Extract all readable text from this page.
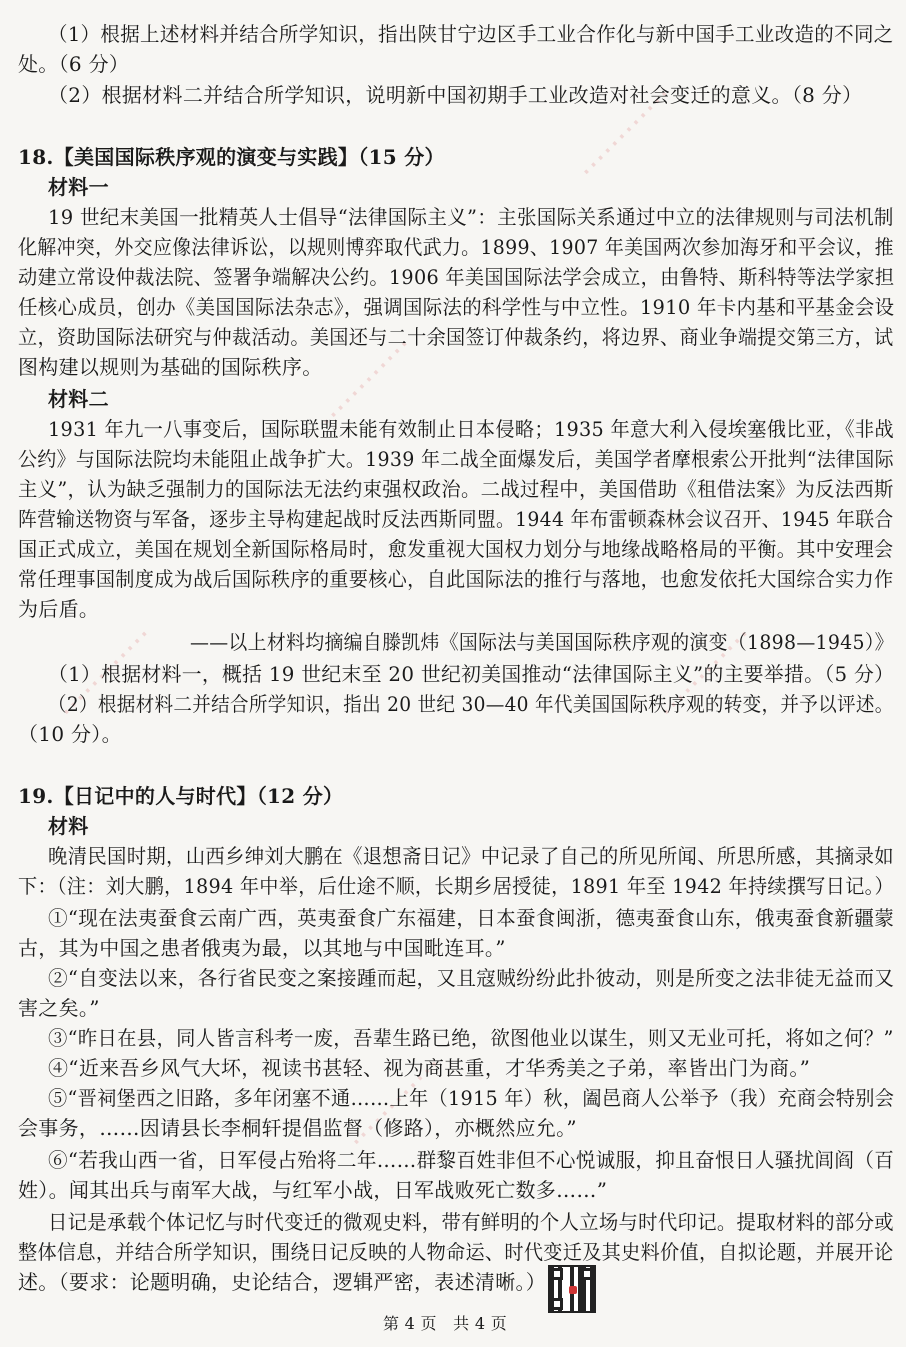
…………
…………
…………	…………
…………
（1）根据上述材料并结合所学知识，指出陕甘宁边区手工业合作化与新中国手工业改造的不同之
处。（6 分）
（2）根据材料二并结合所学知识，说明新中国初期手工业改造对社会变迁的意义。（8 分）
18.【美国国际秩序观的演变与实践】（15 分）
材料一
19 世纪末美国一批精英人士倡导“法律国际主义”：主张国际关系通过中立的法律规则与司法机制
化解冲突，外交应像法律诉讼，以规则博弈取代武力。1899、1907 年美国两次参加海牙和平会议，推
动建立常设仲裁法院、签署争端解决公约。1906 年美国国际法学会成立，由鲁特、斯科特等法学家担
任核心成员，创办《美国国际法杂志》，强调国际法的科学性与中立性。1910 年卡内基和平基金会设
立，资助国际法研究与仲裁活动。美国还与二十余国签订仲裁条约，将边界、商业争端提交第三方，试
图构建以规则为基础的国际秩序。
材料二
1931 年九一八事变后，国际联盟未能有效制止日本侵略；1935 年意大利入侵埃塞俄比亚，《非战
公约》与国际法院均未能阻止战争扩大。1939 年二战全面爆发后，美国学者摩根索公开批判“法律国际
主义”，认为缺乏强制力的国际法无法约束强权政治。二战过程中，美国借助《租借法案》为反法西斯
阵营输送物资与军备，逐步主导构建起战时反法西斯同盟。1944 年布雷顿森林会议召开、1945 年联合
国正式成立，美国在规划全新国际格局时，愈发重视大国权力划分与地缘战略格局的平衡。其中安理会
常任理事国制度成为战后国际秩序的重要核心，自此国际法的推行与落地，也愈发依托大国综合实力作
为后盾。
——以上材料均摘编自滕凯炜《国际法与美国国际秩序观的演变（1898—1945）》
（1）根据材料一，概括 19 世纪末至 20 世纪初美国推动“法律国际主义”的主要举措。（5 分）
（2）根据材料二并结合所学知识，指出 20 世纪 30—40 年代美国国际秩序观的转变，并予以评述。
（10 分）。
19.【日记中的人与时代】（12 分）
材料
晚清民国时期，山西乡绅刘大鹏在《退想斋日记》中记录了自己的所见所闻、所思所感，其摘录如
下：（注：刘大鹏，1894 年中举，后仕途不顺，长期乡居授徒，1891 年至 1942 年持续撰写日记。）
①“现在法夷蚕食云南广西，英夷蚕食广东福建，日本蚕食闽浙，德夷蚕食山东，俄夷蚕食新疆蒙
古，其为中国之患者俄夷为最，以其地与中国毗连耳。”
②“自变法以来，各行省民变之案接踵而起，又且寇贼纷纷此扑彼动，则是所变之法非徒无益而又
害之矣。”
③“昨日在县，同人皆言科考一废，吾辈生路已绝，欲图他业以谋生，则又无业可托，将如之何？”
④“近来吾乡风气大坏，视读书甚轻、视为商甚重，才华秀美之子弟，率皆出门为商。”
⑤“晋祠堡西之旧路，多年闭塞不通……上年（1915 年）秋，阖邑商人公举予（我）充商会特别会
会事务，……因请县长李桐轩提倡监督（修路），亦概然应允。”
⑥“若我山西一省，日军侵占殆将二年……群黎百姓非但不心悦诚服，抑且奋恨日人骚扰闾阎（百
姓）。闻其出兵与南军大战，与红军小战，日军战败死亡数多……”
日记是承载个体记忆与时代变迁的微观史料，带有鲜明的个人立场与时代印记。提取材料的部分或
整体信息，并结合所学知识，围绕日记反映的人物命运、时代变迁及其史料价值，自拟论题，并展开论
述。（要求：论题明确，史论结合，逻辑严密，表述清晰。）
第 4 页　共 4 页
